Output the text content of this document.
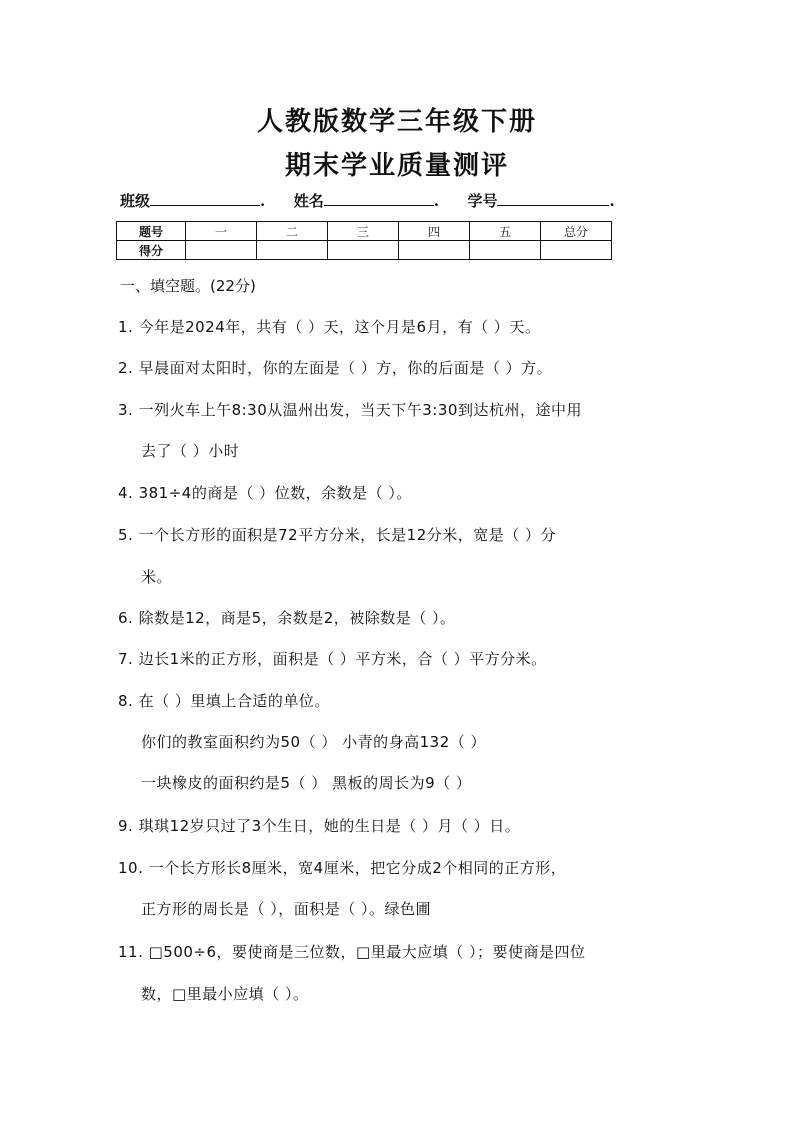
人教版数学三年级下册
期末学业质量测评
班级	. 姓名	. 学号	.
题号	一	二	三	四	五	总分
得分						
一、填空题。(22分)
1. 今年是2024年，共有（ ）天，这个月是6月，有（ ）天。
2. 早晨面对太阳时，你的左面是（ ）方，你的后面是（ ）方。
3. 一列火车上午8:30从温州出发，当天下午3:30到达杭州，途中用
去了（ ）小时
4. 381÷4的商是（ ）位数，余数是（ ）。
5. 一个长方形的面积是72平方分米，长是12分米，宽是（ ）分
米。
6. 除数是12，商是5，余数是2，被除数是（ ）。
7. 边长1米的正方形，面积是（ ）平方米，合（ ）平方分米。
8. 在（ ）里填上合适的单位。
你们的教室面积约为50（ ） 小青的身高132（ ）
一块橡皮的面积约是5（ ） 黑板的周长为9（ ）
9. 琪琪12岁只过了3个生日，她的生日是（ ）月（ ）日。
10. 一个长方形长8厘米，宽4厘米，把它分成2个相同的正方形，
正方形的周长是（ ），面积是（ ）。绿色圃
11. □500÷6，要使商是三位数，□里最大应填（ ）；要使商是四位
数，□里最小应填（ ）。
